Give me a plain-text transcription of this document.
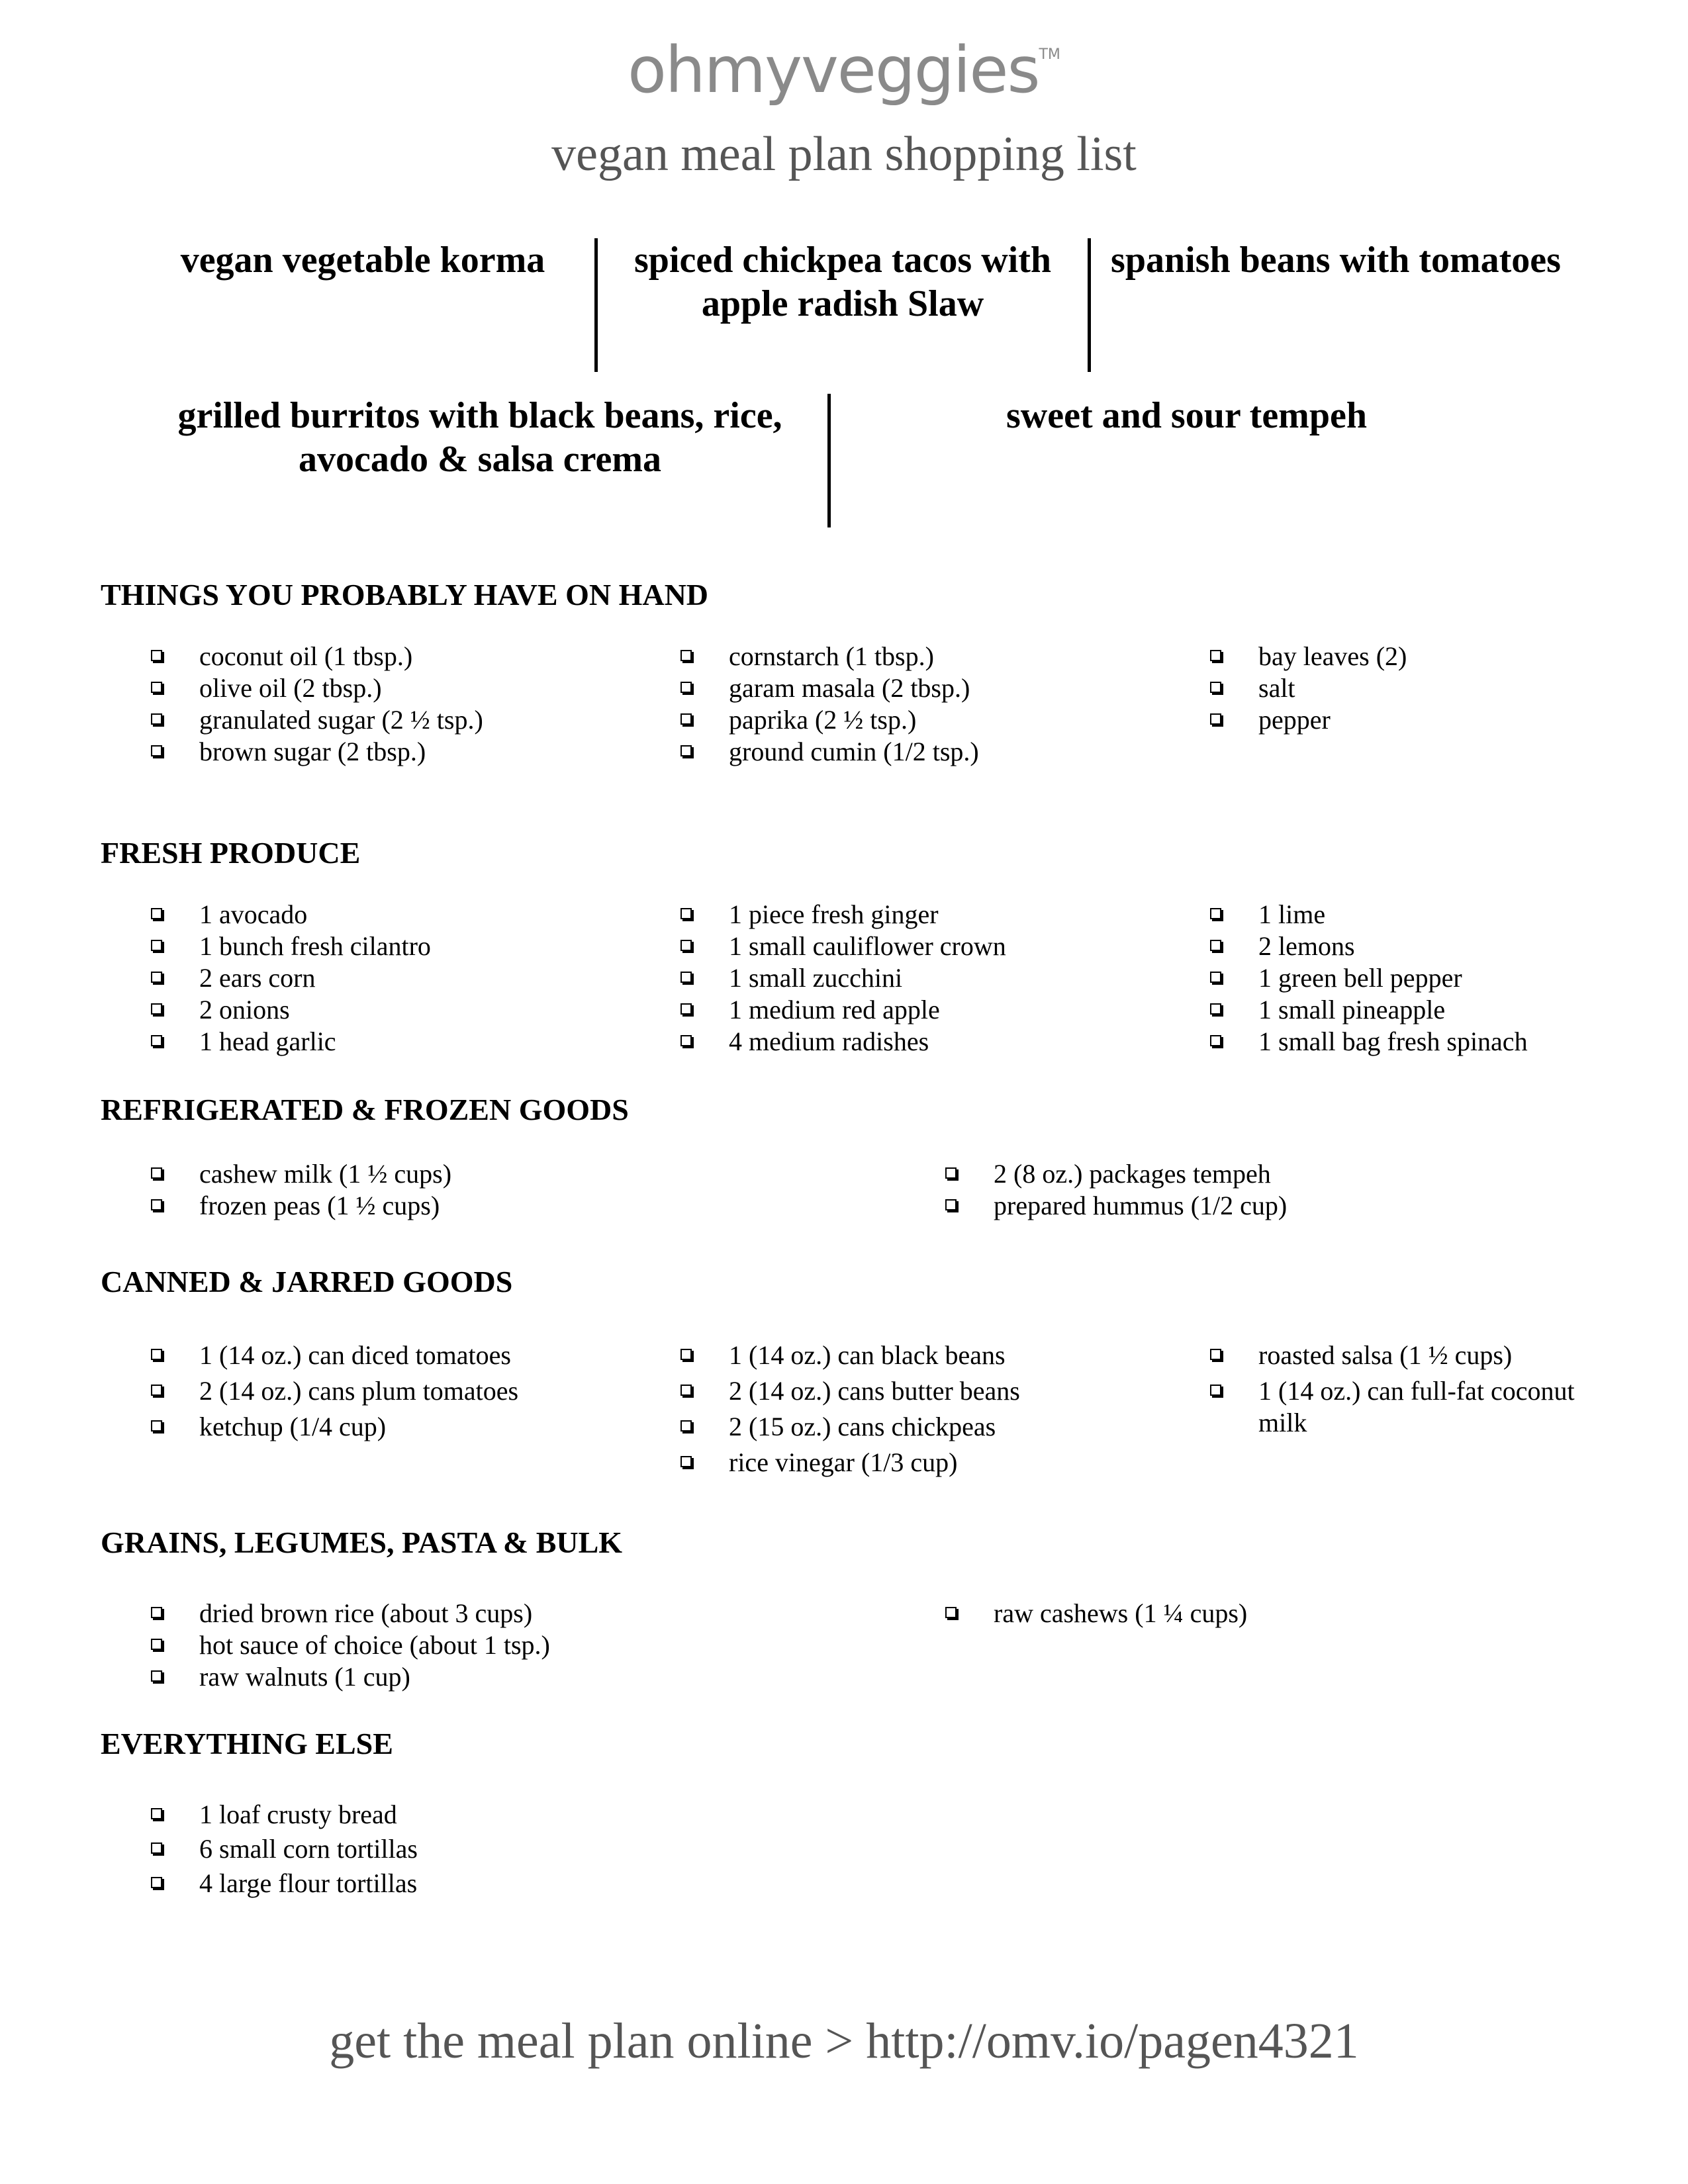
ohmyveggies™
vegan meal plan shopping list
vegan vegetable korma	spiced chickpea tacos with apple radish Slaw
spanish beans with tomatoes
grilled burritos with black beans, rice, avocado & salsa crema
sweet and sour tempeh
THINGS YOU PROBABLY HAVE ON HAND
coconut oil (1 tbsp.)
olive oil (2 tbsp.)
granulated sugar (2 ½ tsp.)
brown sugar (2 tbsp.)
cornstarch (1 tbsp.)
garam masala (2 tbsp.)
paprika (2 ½ tsp.)
ground cumin (1/2 tsp.)
bay leaves (2)
salt
pepper
FRESH PRODUCE
1 avocado
1 bunch fresh cilantro
2 ears corn
2 onions
1 head garlic
1 piece fresh ginger
1 small cauliflower crown
1 small zucchini
1 medium red apple
4 medium radishes
1 lime
2 lemons
1 green bell pepper
1 small pineapple
1 small bag fresh spinach
REFRIGERATED & FROZEN GOODS
cashew milk (1 ½ cups)
frozen peas (1 ½ cups)
2 (8 oz.) packages tempeh
prepared hummus (1/2 cup)
CANNED & JARRED GOODS
1 (14 oz.) can diced tomatoes
2 (14 oz.) cans plum tomatoes
ketchup (1/4 cup)
1 (14 oz.) can black beans
2 (14 oz.) cans butter beans
2 (15 oz.) cans chickpeas
rice vinegar (1/3 cup)
roasted salsa (1 ½ cups)
1 (14 oz.) can full-fat coconut milk
GRAINS, LEGUMES, PASTA & BULK
dried brown rice (about 3 cups)
hot sauce of choice (about 1 tsp.)
raw walnuts (1 cup)
raw cashews (1 ¼ cups)
EVERYTHING ELSE
1 loaf crusty bread
6 small corn tortillas
4 large flour tortillas
get the meal plan online > http://omv.io/pagen4321
